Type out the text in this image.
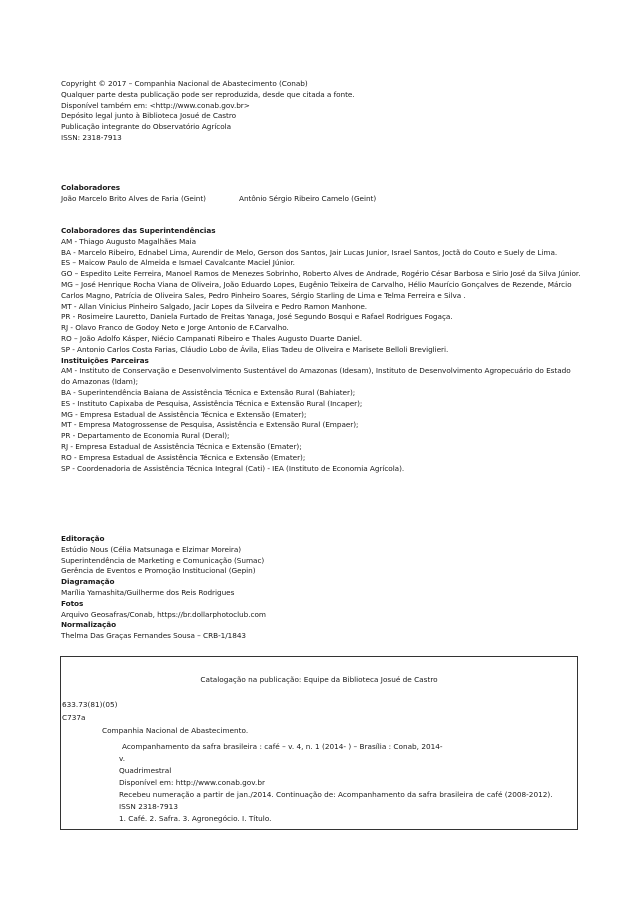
Copyright © 2017 – Companhia Nacional de Abastecimento (Conab)

Qualquer parte desta publicação pode ser reproduzida, desde que citada a fonte.

Disponível também em: <http://www.conab.gov.br>

Depósito legal junto à Biblioteca Josué de Castro

Publicação integrante do Observatório Agrícola

ISSN: 2318-7913

Colaboradores

João Marcelo Brito Alves de Faria (Geint)	Antônio Sérgio Ribeiro Camelo (Geint)

Colaboradores das Superintendências

AM - Thiago Augusto Magalhães Maia

BA - Marcelo Ribeiro, Ednabel Lima, Aurendir de Melo, Gerson dos Santos, Jair Lucas Junior, Israel Santos, Joctã do Couto e Suely de Lima.

ES – Maicow Paulo de Almeida e Ismael Cavalcante Maciel Júnior.

GO – Espedito Leite Ferreira, Manoel Ramos de Menezes Sobrinho, Roberto Alves de Andrade, Rogério César Barbosa e Sirio José da Silva Júnior.

MG – José Henrique Rocha Viana de Oliveira, João Eduardo Lopes, Eugênio Teixeira de Carvalho, Hélio Maurício Gonçalves de Rezende, Márcio

Carlos Magno, Patrícia de Oliveira Sales, Pedro Pinheiro Soares, Sérgio Starling de Lima e Telma Ferreira e Silva .

MT - Allan Vinicius Pinheiro Salgado, Jacir Lopes da Silveira e Pedro Ramon Manhone.

PR - Rosimeire Lauretto, Daniela Furtado de Freitas Yanaga, José Segundo Bosqui e Rafael Rodrigues Fogaça.

RJ - Olavo Franco de Godoy Neto e Jorge Antonio de F.Carvalho.

RO – João Adolfo Kásper, Niécio Campanati Ribeiro e Thales Augusto Duarte Daniel.

SP - Antonio Carlos Costa Farias, Cláudio Lobo de Ávila, Elias Tadeu de Oliveira e Marisete Belloli Breviglieri.

Instituições Parceiras

AM - Instituto de Conservação e Desenvolvimento Sustentável do Amazonas (Idesam), Instituto de Desenvolvimento Agropecuário do Estado

do Amazonas (Idam);

BA - Superintendência Baiana de Assistência Técnica e Extensão Rural (Bahiater);

ES - Instituto Capixaba de Pesquisa, Assistência Técnica e Extensão Rural (Incaper);

MG - Empresa Estadual de Assistência Técnica e Extensão (Emater);

MT - Empresa Matogrossense de Pesquisa, Assistência e Extensão Rural (Empaer);

PR - Departamento de Economia Rural (Deral);

RJ - Empresa Estadual de Assistência Técnica e Extensão (Emater);

RO - Empresa Estadual de Assistência Técnica e Extensão (Emater);

SP - Coordenadoria de Assistência Técnica Integral (Cati) - IEA (Instituto de Economia Agrícola).

Editoração

Estúdio Nous (Célia Matsunaga e Elzimar Moreira)

Superintendência de Marketing e Comunicação (Sumac)

Gerência de Eventos e Promoção Institucional (Gepin)

Diagramação

Marília Yamashita/Guilherme dos Reis Rodrigues

Fotos

Arquivo Geosafras/Conab, https://br.dollarphotoclub.com

Normalização

Thelma Das Graças Fernandes Sousa – CRB-1/1843

Catalogação na publicação: Equipe da Biblioteca Josué de Castro

633.73(81)(05)

C737a

Companhia Nacional de Abastecimento.

Acompanhamento da safra brasileira : café – v. 4, n. 1 (2014- ) – Brasília : Conab, 2014-

v.

Quadrimestral

Disponível em: http://www.conab.gov.br

Recebeu numeração a partir de jan./2014. Continuação de: Acompanhamento da safra brasileira de café (2008-2012).

ISSN 2318-7913

1. Café. 2. Safra. 3. Agronegócio. I. Título.
